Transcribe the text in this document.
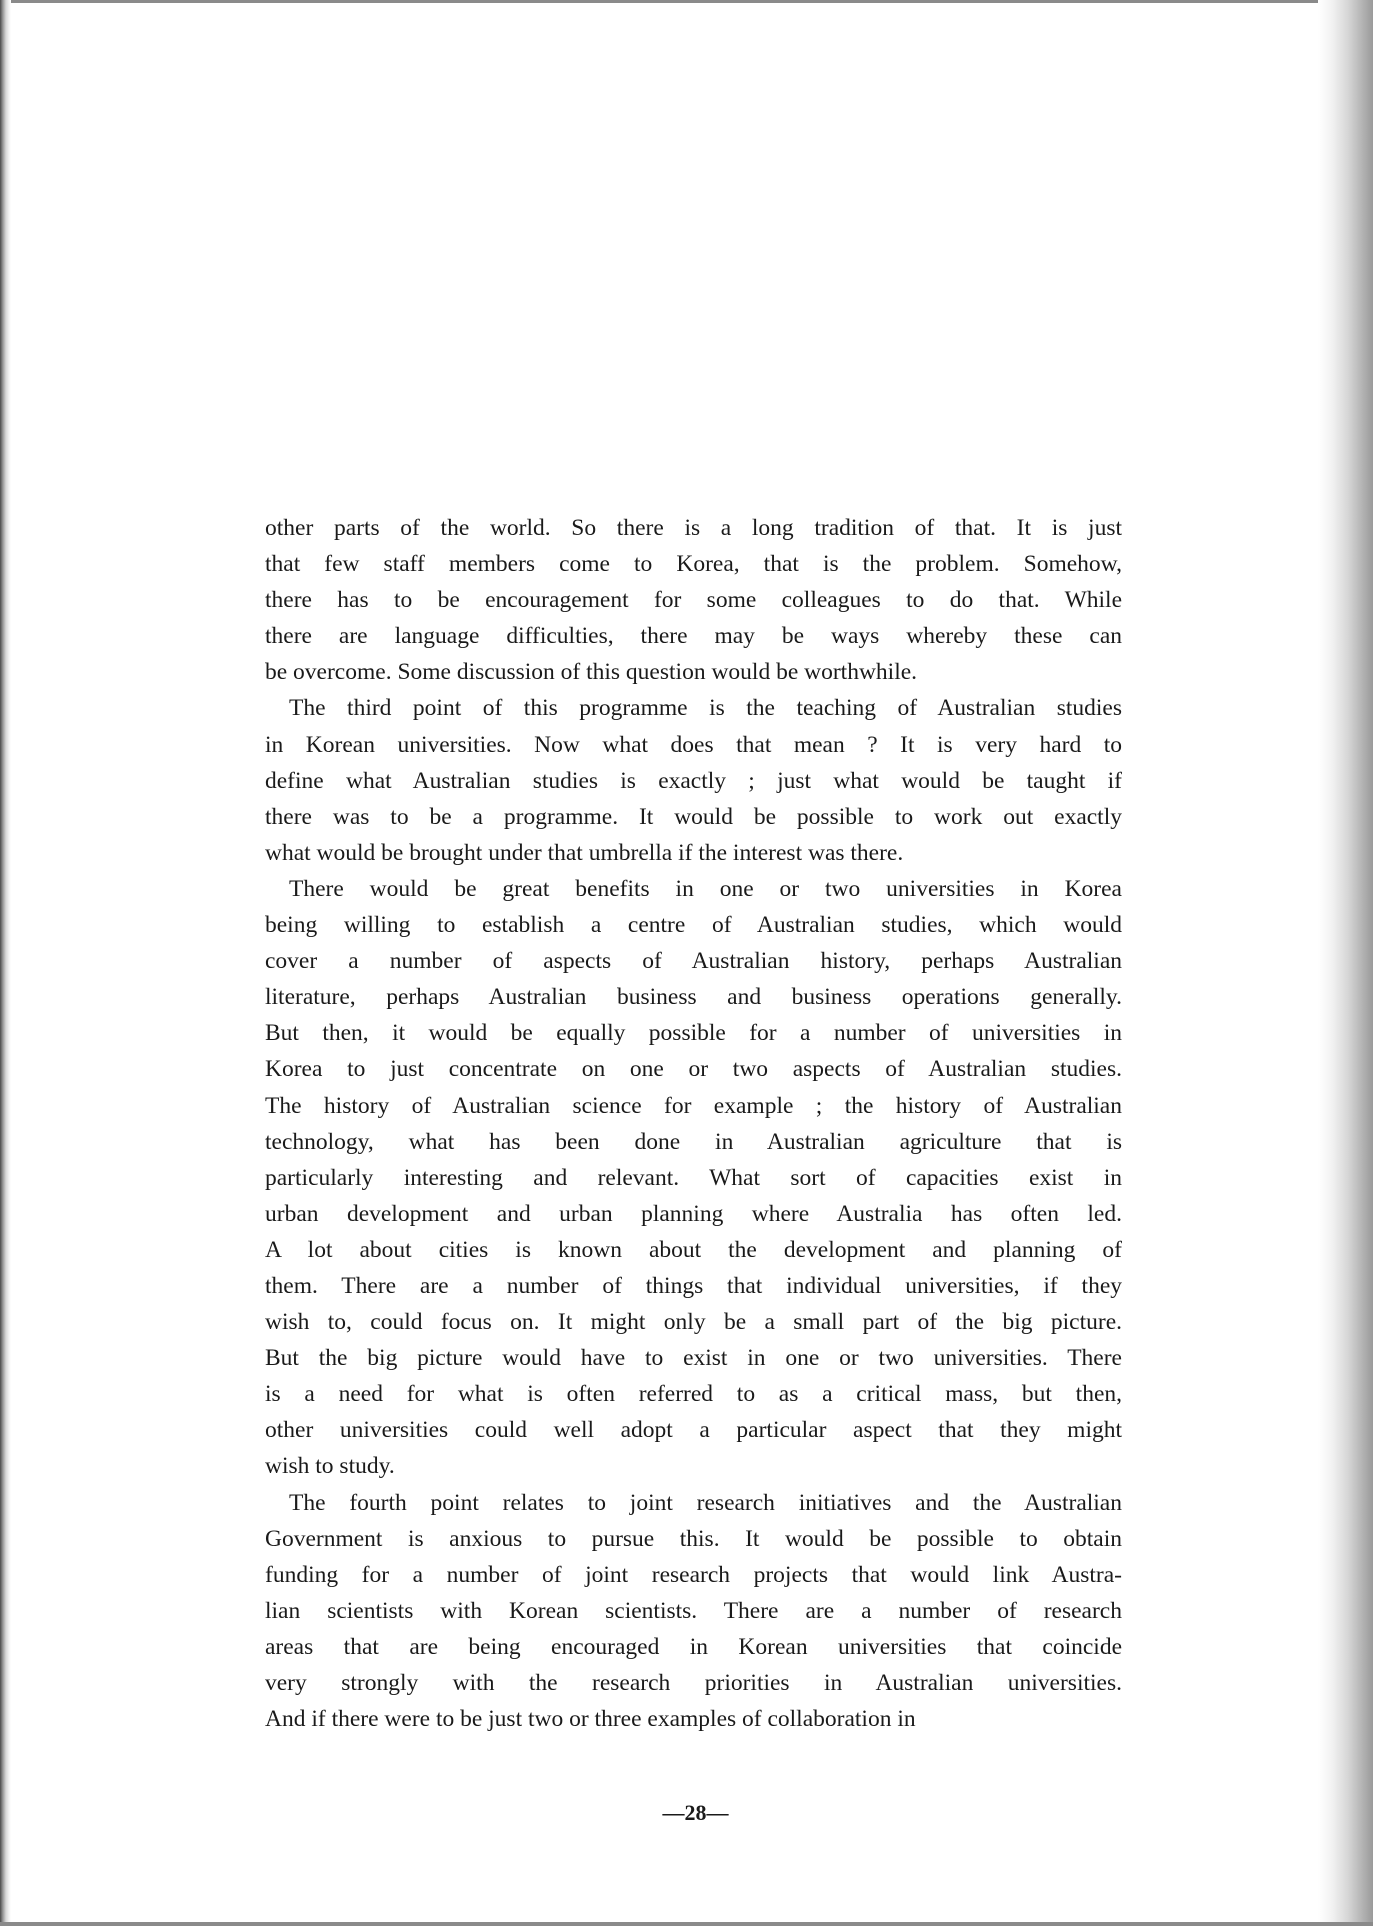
other parts of the world. So there is a long tradition of that. It is just
that few staff members come to Korea, that is the problem. Somehow,
there has to be encouragement for some colleagues to do that. While
there are language difficulties, there may be ways whereby these can
be overcome. Some discussion of this question would be worthwhile.
The third point of this programme is the teaching of Australian studies
in Korean universities. Now what does that mean ? It is very hard to
define what Australian studies is exactly ; just what would be taught if
there was to be a programme. It would be possible to work out exactly
what would be brought under that umbrella if the interest was there.
There would be great benefits in one or two universities in Korea
being willing to establish a centre of Australian studies, which would
cover a number of aspects of Australian history, perhaps Australian
literature, perhaps Australian business and business operations generally.
But then, it would be equally possible for a number of universities in
Korea to just concentrate on one or two aspects of Australian studies.
The history of Australian science for example ; the history of Australian
technology, what has been done in Australian agriculture that is
particularly interesting and relevant. What sort of capacities exist in
urban development and urban planning where Australia has often led.
A lot about cities is known about the development and planning of
them. There are a number of things that individual universities, if they
wish to, could focus on. It might only be a small part of the big picture.
But the big picture would have to exist in one or two universities. There
is a need for what is often referred to as a critical mass, but then,
other universities could well adopt a particular aspect that they might
wish to study.
The fourth point relates to joint research initiatives and the Australian
Government is anxious to pursue this. It would be possible to obtain
funding for a number of joint research projects that would link Austra-
lian scientists with Korean scientists. There are a number of research
areas that are being encouraged in Korean universities that coincide
very strongly with the research priorities in Australian universities.
And if there were to be just two or three examples of collaboration in
—28—
